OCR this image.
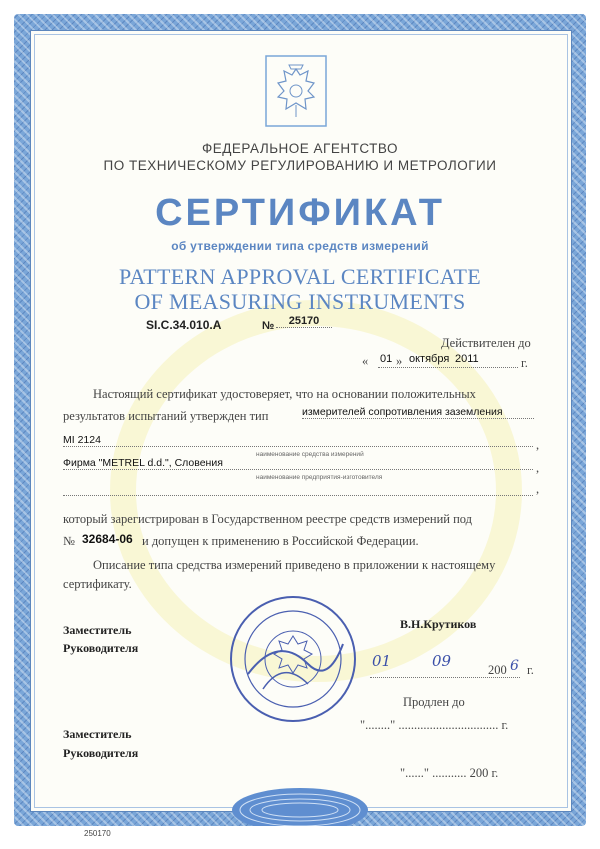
ФЕДЕРАЛЬНОЕ АГЕНТСТВО
ПО ТЕХНИЧЕСКОМУ РЕГУЛИРОВАНИЮ И МЕТРОЛОГИИ
СЕРТИФИКАТ
об утверждении типа средств измерений
PATTERN APPROVAL CERTIFICATE
OF MEASURING INSTRUMENTS
SI.C.34.010.A	№	25170
Действителен до
« 01 » октября 2011	г.
Настоящий сертификат удостоверяет, что на основании положительных
результатов испытаний утвержден тип	измерителей сопротивления заземления
MI 2124	,
наименование средства измерений
Фирма "METREL d.d.", Словения	,
наименование предприятия-изготовителя
,
который зарегистрирован в Государственном реестре средств измерений под
№ 32684-06 и допущен к применению в Российской Федерации.
Описание типа средства измерений приведено в приложении к настоящему
сертификату.
Заместитель
Руководителя
В.Н.Крутиков
01	09	200 6 г.
Продлен до
"........" ................................ г.
Заместитель
Руководителя
"......" ........... 200 г.
250170
